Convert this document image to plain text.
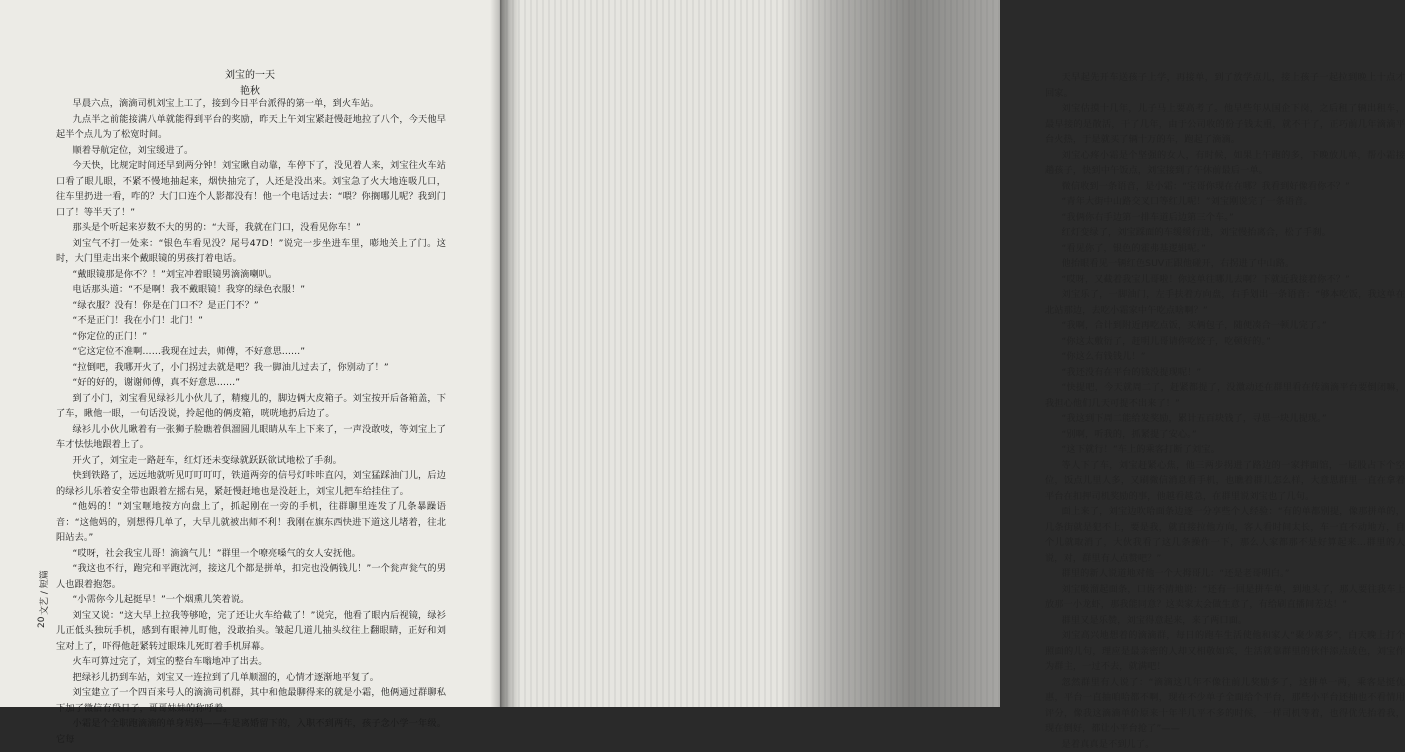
刘宝的一天
艳秋

早晨六点，滴滴司机刘宝上工了，接到今日平台派得的第一单，到火车站。

九点半之前能接满八单就能得到平台的奖励，昨天上午刘宝紧赶慢赶地拉了八个，今天他早起半个点儿为了松宽时间。

顺着导航定位，刘宝缓进了。

今天快，比规定时间还早到两分钟！刘宝瞅自动靠，车停下了，没见着人来，刘宝往火车站口看了眼儿眼，不紧不慢地抽起来，烟快抽完了，人还是没出来。刘宝急了火大地连吸几口，往车里扔进一看，咋的？大门口连个人影都没有！他一个电话过去：“喂？你搁哪儿呢？我到门口了！等半天了！”

那头是个听起来岁数不大的男的：“大哥，我就在门口，没看见你车！”

刘宝气不打一处来：“银色车看见没？尾号47D！”说完一步坐进车里，嘭地关上了门。这时，大门里走出来个戴眼镜的男孩打着电话。

“戴眼镜那是你不？！”刘宝冲着眼镜男滴滴喇叭。

电话那头道：“不是啊！我不戴眼镜！我穿的绿色衣服！”

“绿衣服？没有！你是在门口不？是正门不？”

“不是正门！我在小门！北门！”

“你定位的正门！”

“它这定位不准啊……我现在过去，师傅，不好意思……”

“拉倒吧，我哪开火了，小门拐过去就是吧？我一脚油儿过去了，你别动了！”

“好的好的，谢谢师傅，真不好意思……”

到了小门，刘宝看见绿衫儿小伙儿了，精瘦儿的，脚边俩大皮箱子。刘宝按开后备箱盖，下了车，瞅他一眼，一句话没说，拎起他的俩皮箱，咣咣地扔后边了。

绿衫儿小伙儿瞅着有一张狮子脸瞧着俱溜圆儿眼睛从车上下来了，一声没敢吱，等刘宝上了车才怯怯地跟着上了。

开火了，刘宝走一路赶车，红灯还未变绿就跃跃欲试地松了手刹。

快到铁路了，远远地就听见叮叮叮叮，铁道两旁的信号灯咔咔直闪，刘宝猛踩油门儿，后边的绿衫儿乐着安全带也跟着左摇右晃，紧赶慢赶地也是没赶上，刘宝儿把车给挂住了。

“他妈的！”刘宝咂地按方向盘上了，抓起刚在一旁的手机，往群聊里连发了几条暴躁语音：“这他妈的，别想得几单了，大早儿就被出师不利！我刚在旗东西快进下道这儿堵着，往北阳站去。”

“哎呀，社会我宝儿哥！滴滴气儿！”群里一个嘹亮嗓气的女人安抚他。

“我这也不行，跑完和平跑沈河，接这几个都是拼单，扣完也没俩钱儿！”一个瓮声瓮气的男人也跟着抱怨。

“小需你今儿起挺早！”一个烟熏儿笑着说。

刘宝又说：“这大早上拉我等够呛，完了还让火车给截了！”说完，他看了眼内后视镜，绿衫儿正低头独玩手机，感到有眼神儿盯他，没敢抬头。皱起几道儿抽头纹往上翻眼睛，正好和刘宝对上了，吓得他赶紧转过眼珠儿死盯着手机屏幕。

火车可算过完了，刘宝的整台车嗡地冲了出去。

把绿衫儿扔到车站，刘宝又一连拉到了几单顺溜的，心情才逐渐地平复了。

刘宝建立了一个四百来号人的滴滴司机群，其中和他最聊得来的就是小霜，他俩通过群聊私下加了微信有段日子，哥哥妹妹的称呼着。

小霜是个全职跑滴滴的单身妈妈——车是离婚留下的，入职不到两年，孩子念小学一年级。它每

文艺 / 短篇
20

天早起先开车送孩子上学，再接单，到了放学点儿，接上孩子一起拉到晚上十点才回家。

刘宝估摸十几年，儿子马上要高考了。他早些年从国企下岗，之后租了辆出租车，最早接的是散活，干了几年，由于公司收的份子钱太重，就不干了，正巧前几年滴滴平台火热，于是就买了辆十万的车，跑起了滴滴。

刘宝心疼小霜是个坚强的女人，有时候，如果上午跑的多，下晚放儿单，帮小霜接趟孩子，快到中午饭点，刘宝接到了午休前最后一单。

微信收到一条语音，是小霜：“宝哥你现在在哪？我看到好像看你不？”

“青年大街中山路交叉口等红儿呢！”刘宝刚说完了一条语音。

“我俩你右手边第一排车道后边第三个车。”

红灯变绿了，刘宝踩面的车缓缓行进，刘宝慢抬离合，松了手刹。

“看见你了，银色的霍弗基逻辑呢。”

他抬眼看见一辆红色SUV正跟他碰开，右拐进了中山路。

“哎呀，又截着我宝儿哥啦！你这单往哪儿去啊？下就近我接着你不？”

刘宝乐了，一脚油门，左手扶着方向盘，右手划出一条语音：“够本吃饭，我这单在北站那边，去吃小霜家中午吃点啥啊？”

“我啊，合计到附近再吃点饭，买俩包子，随便凑合一顿儿完了。”

“你这太敷衍了，赶明儿哥请你吃饺子，吃顿好的。”

“你这么有钱钱儿！”

“我还没有在平台的钱没提现呢！”

“快提吧，今天就周二了，赶紧都提了，没激动还在群里看在传滴滴平台要倒闭嘛，我担心他们几天可提不出来了！”

“我这到下周二能给发奖励，累计五百块钱了，寻思一块儿提现。”

“别啊，听我的，抓紧提了安心。”

“这下就行！”车上的乘客打断了刘宝。

等人下了车，刘宝赶紧心焦，他三两步拐进了路边的一家拌面馆，一屁股占下个空位，饭点儿里人多，又刷微信消息看手机，也瞧着群儿怎么样，大意思群里一直在拿着平台在扣押司机奖励的事，他越看越急，在群里说刘宝也了几句。

面上来了，刘宝边吹哈面条边逐一分享些个人经验：“有的单都别提，像那拼单的，几条街就是犯不上，要是我，就直接拉他方向，客人看时间太长，车一直不动地方，自个儿就取消了，大伙我看了这几条操作一下，那么人家都那不是好算起来…群里的人说，对，群里有人点赞吧？”

群里的新人说道地对他一个大拇哥儿：“还是老哥明白。”

刘宝吸溜起面条，口齿不清地说：“还有一回是拼车单，到地头了，那人要往我车上放那一小龙虾，那我能同意？这卖家太会做生意了，有给刷直播间差达！”

群里又是乐赞，刘宝得意起来，来了两口面。

刘宝高兴地想着的滴滴群，每日的跑车生活使他和家人“聚少离多”，白天晚上打个照面的儿句，理应是最亲密的人却又相敬如宾，生活就靠群里的伙伴添点成色，刘宝作为群主，一过不去，就满吧！

忽然群里有人说了：“滴滴这几年不像往前儿奖励多了，这拼单一两，乘客是挺优惠，平台一直抽咱哈都不啊，现在不少单子全面给个平台，那些小平台还抽也不看情用评分，像我这滴滴单价原来十年半几平不多的时候，一样司机等着，也得优先抬着我，现在倒好，都让小平台抢了”——

是着真真是不到儿了。
